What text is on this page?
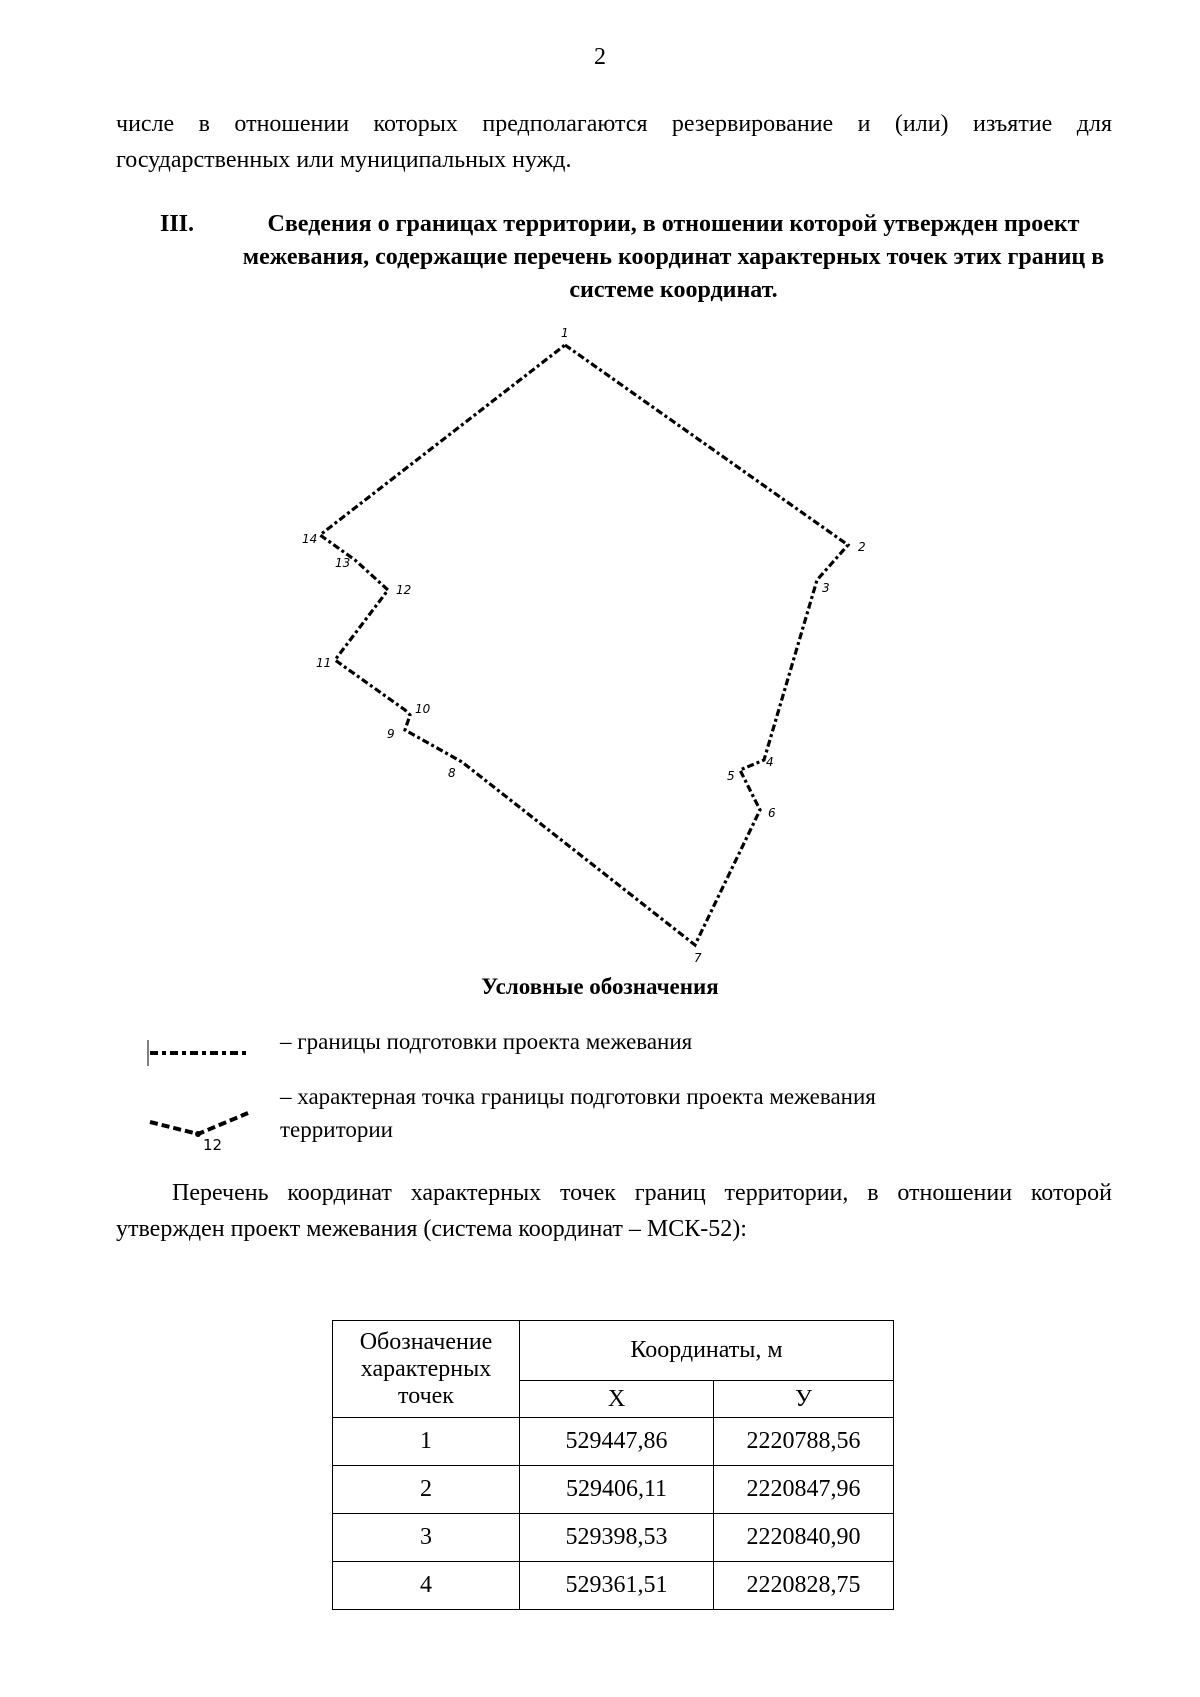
2
числе в отношении которых предполагаются резервирование и (или) изъятие для государственных или муниципальных нужд.
III.	Сведения о границах территории, в отношении которой утвержден проект межевания, содержащие перечень координат характерных точек этих границ в системе координат.
1
2
3
4
5
6
7
8
9
10
11
12
13
14
12
Условные обозначения
– границы подготовки проекта межевания
– характерная точка границы подготовки проекта межевания территории
Перечень координат характерных точек границ территории, в отношении которой утвержден проект межевания (система координат – МСК-52):
Обозначение характерных точек	Координаты, м	
	Х	У
1	529447,86	2220788,56
2	529406,11	2220847,96
3	529398,53	2220840,90
4	529361,51	2220828,75
